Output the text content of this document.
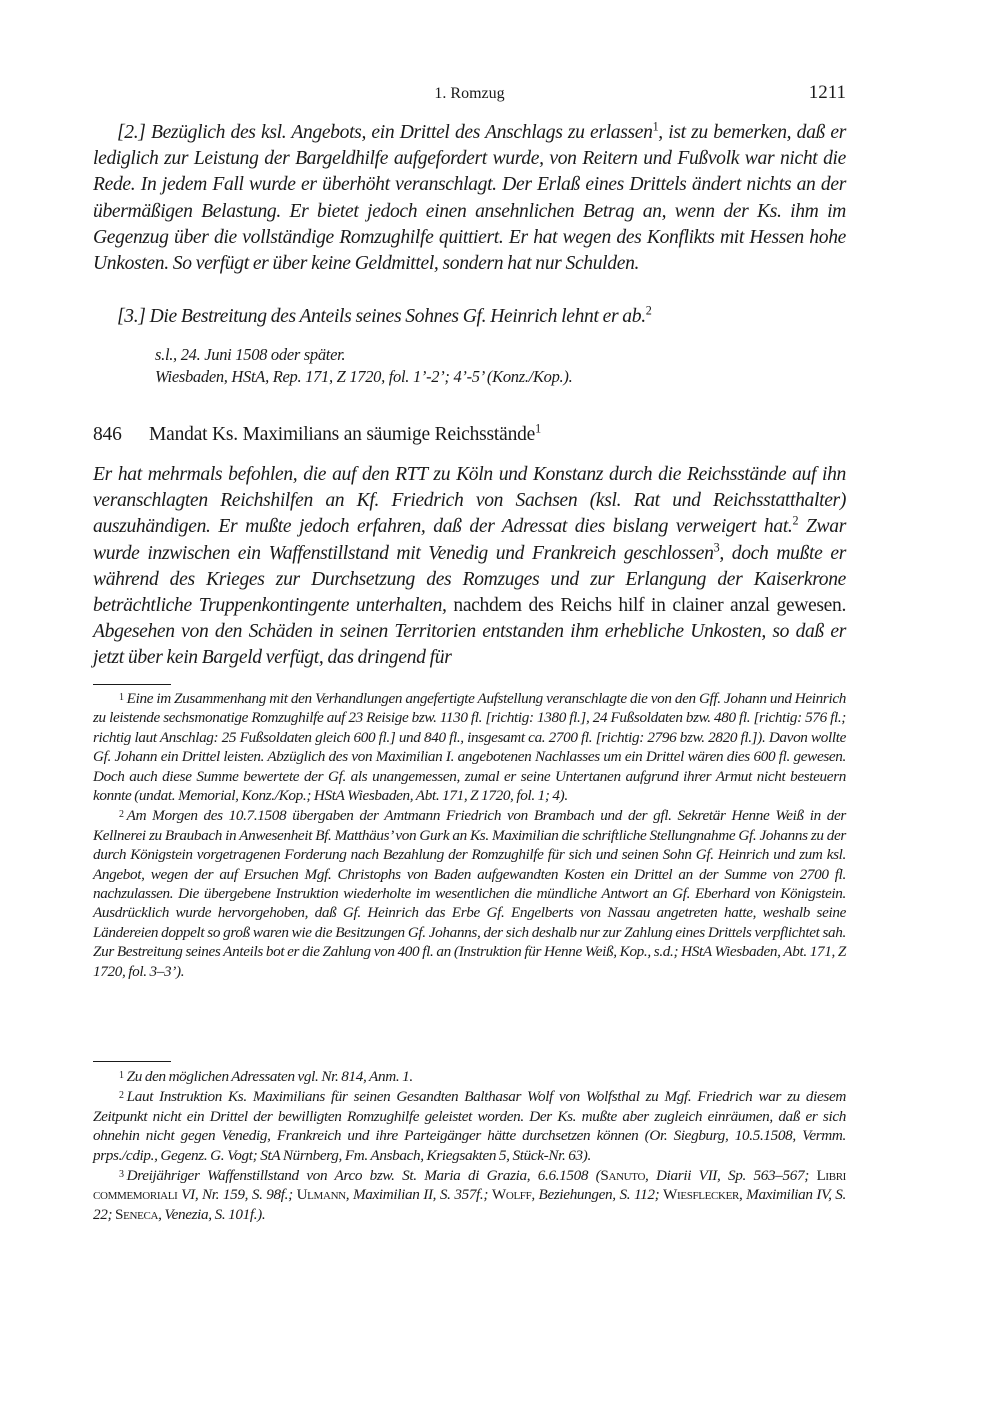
1. Romzug	1211
[2.] Bezüglich des ksl. Angebots, ein Drittel des Anschlags zu erlassen$^1$, ist zu bemerken, daß er lediglich zur Leistung der Bargeldhilfe aufgefordert wurde, von Reitern und Fußvolk war nicht die Rede. In jedem Fall wurde er überhöht veranschlagt. Der Erlaß eines Drittels ändert nichts an der übermäßigen Belastung. Er bietet jedoch einen ansehnlichen Betrag an, wenn der Ks. ihm im Gegenzug über die vollständige Romzughilfe quittiert. Er hat wegen des Konflikts mit Hessen hohe Unkosten. So verfügt er über keine Geldmittel, sondern hat nur Schulden.
[3.] Die Bestreitung des Anteils seines Sohnes Gf. Heinrich lehnt er ab.$^2$
s.l., 24. Juni 1508 oder später.
Wiesbaden, HStA, Rep. 171, Z 1720, fol. 1’-2’; 4’-5’ (Konz./Kop.).
846 Mandat Ks. Maximilians an säumige Reichsstände$^1$
Er hat mehrmals befohlen, die auf den RTT zu Köln und Konstanz durch die Reichsstände auf ihn veranschlagten Reichshilfen an Kf. Friedrich von Sachsen (ksl. Rat und Reichsstatthalter) auszuhändigen. Er mußte jedoch erfahren, daß der Adressat dies bislang verweigert hat.$^2$ Zwar wurde inzwischen ein Waffenstillstand mit Venedig und Frankreich geschlossen$^3$, doch mußte er während des Krieges zur Durchsetzung des Romzuges und zur Erlangung der Kaiserkrone beträchtliche Truppenkontingente unterhalten, nachdem des Reichs hilf in clainer anzal gewesen. Abgesehen von den Schäden in seinen Territorien entstanden ihm erhebliche Unkosten, so daß er jetzt über kein Bargeld verfügt, das dringend für

1 Eine im Zusammenhang mit den Verhandlungen angefertigte Aufstellung veranschlagte die von den Gff. Johann und Heinrich zu leistende sechsmonatige Romzughilfe auf 23 Reisige bzw. 1130 fl. [richtig: 1380 fl.], 24 Fußsoldaten bzw. 480 fl. [richtig: 576 fl.; richtig laut Anschlag: 25 Fußsoldaten gleich 600 fl.] und 840 fl., insgesamt ca. 2700 fl. [richtig: 2796 bzw. 2820 fl.]). Davon wollte Gf. Johann ein Drittel leisten. Abzüglich des von Maximilian I. angebotenen Nachlasses um ein Drittel wären dies 600 fl. gewesen. Doch auch diese Summe bewertete der Gf. als unangemessen, zumal er seine Untertanen aufgrund ihrer Armut nicht besteuern konnte (undat. Memorial, Konz./Kop.; HStA Wiesbaden, Abt. 171, Z 1720, fol. 1; 4).

2 Am Morgen des 10.7.1508 übergaben der Amtmann Friedrich von Brambach und der gfl. Sekretär Henne Weiß in der Kellnerei zu Braubach in Anwesenheit Bf. Matthäus’ von Gurk an Ks. Maximilian die schriftliche Stellungnahme Gf. Johanns zu der durch Königstein vorgetragenen Forderung nach Bezahlung der Romzughilfe für sich und seinen Sohn Gf. Heinrich und zum ksl. Angebot, wegen der auf Ersuchen Mgf. Christophs von Baden aufgewandten Kosten ein Drittel an der Summe von 2700 fl. nachzulassen. Die übergebene Instruktion wiederholte im wesentlichen die mündliche Antwort an Gf. Eberhard von Königstein. Ausdrücklich wurde hervorgehoben, daß Gf. Heinrich das Erbe Gf. Engelberts von Nassau angetreten hatte, weshalb seine Ländereien doppelt so groß waren wie die Besitzungen Gf. Johanns, der sich deshalb nur zur Zahlung eines Drittels verpflichtet sah. Zur Bestreitung seines Anteils bot er die Zahlung von 400 fl. an (Instruktion für Henne Weiß, Kop., s.d.; HStA Wiesbaden, Abt. 171, Z 1720, fol. 3–3’).

1 Zu den möglichen Adressaten vgl. Nr. 814, Anm. 1.

2 Laut Instruktion Ks. Maximilians für seinen Gesandten Balthasar Wolf von Wolfsthal zu Mgf. Friedrich war zu diesem Zeitpunkt nicht ein Drittel der bewilligten Romzughilfe geleistet worden. Der Ks. mußte aber zugleich einräumen, daß er sich ohnehin nicht gegen Venedig, Frankreich und ihre Parteigänger hätte durchsetzen können (Or. Siegburg, 10.5.1508, Vermm. prps./cdip., Gegenz. G. Vogt; StA Nürnberg, Fm. Ansbach, Kriegsakten 5, Stück-Nr. 63).

3 Dreijähriger Waffenstillstand von Arco bzw. St. Maria di Grazia, 6.6.1508 (Sanuto, Diarii VII, Sp. 563–567; Libri commemoriali VI, Nr. 159, S. 98f.; Ulmann, Maximilian II, S. 357f.; Wolff, Beziehungen, S. 112; Wiesflecker, Maximilian IV, S. 22; Seneca, Venezia, S. 101f.).
